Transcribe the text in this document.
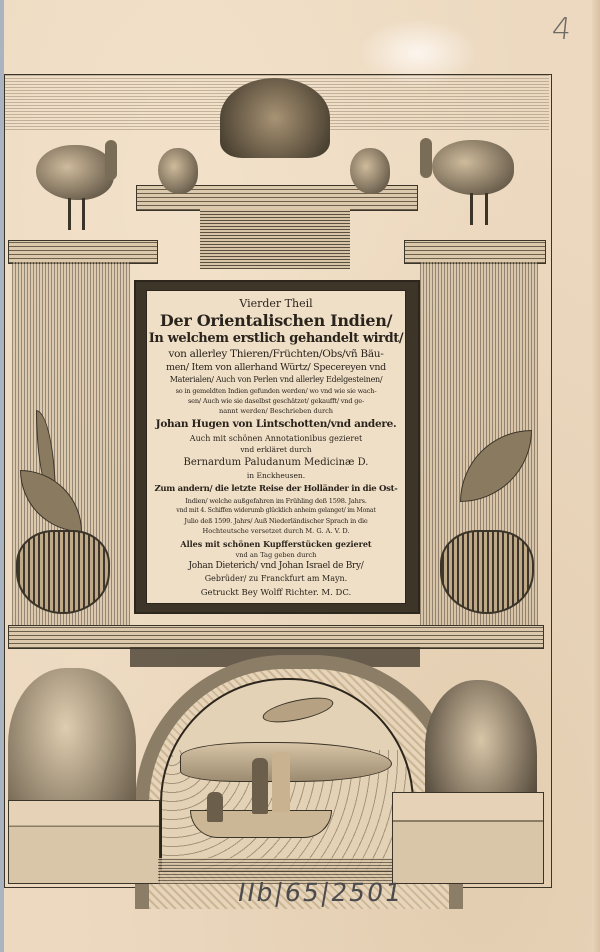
4
Vierder Theil
Der Orientalischen Indien/
In welchem erstlich gehandelt wirdt/
von allerley Thieren/Früchten/Obs/vñ Bäu-
men/ Item von allerhand Würtz/ Specereyen vnd
Materialen/ Auch von Perlen vnd allerley Edelgesteinen/
so in gemeldten Indien gefunden werden/ wo vnd wie sie wach-
sen/ Auch wie sie daselbst geschätzet/ gekaufft/ vnd ge-
nannt werden/ Beschrieben durch
Johan Hugen von Lintschotten/vnd andere.
Auch mit schönen Annotationibus gezieret
vnd erkläret durch
Bernardum Paludanum Medicinæ D.
in Enckheusen.
Zum andern/ die letzte Reise der Holländer in die Ost-
Indien/ welche außgefahren im Frühling deß 1598. Jahrs.
vnd mit 4. Schiffen widerumb glücklich anheim gelanget/ im Monat
Julio deß 1599. Jahrs/ Auß Niederländischer Sprach in die
Hochteutsche versetzet durch M. G. A. V. D.
Alles mit schönen Kupfferstücken gezieret
vnd an Tag geben durch
Johan Dieterich/ vnd Johan Israel de Bry/
Gebrüder/ zu Franckfurt am Mayn.
Getruckt Bey Wolff Richter. M. DC.
IIb|65|2501
